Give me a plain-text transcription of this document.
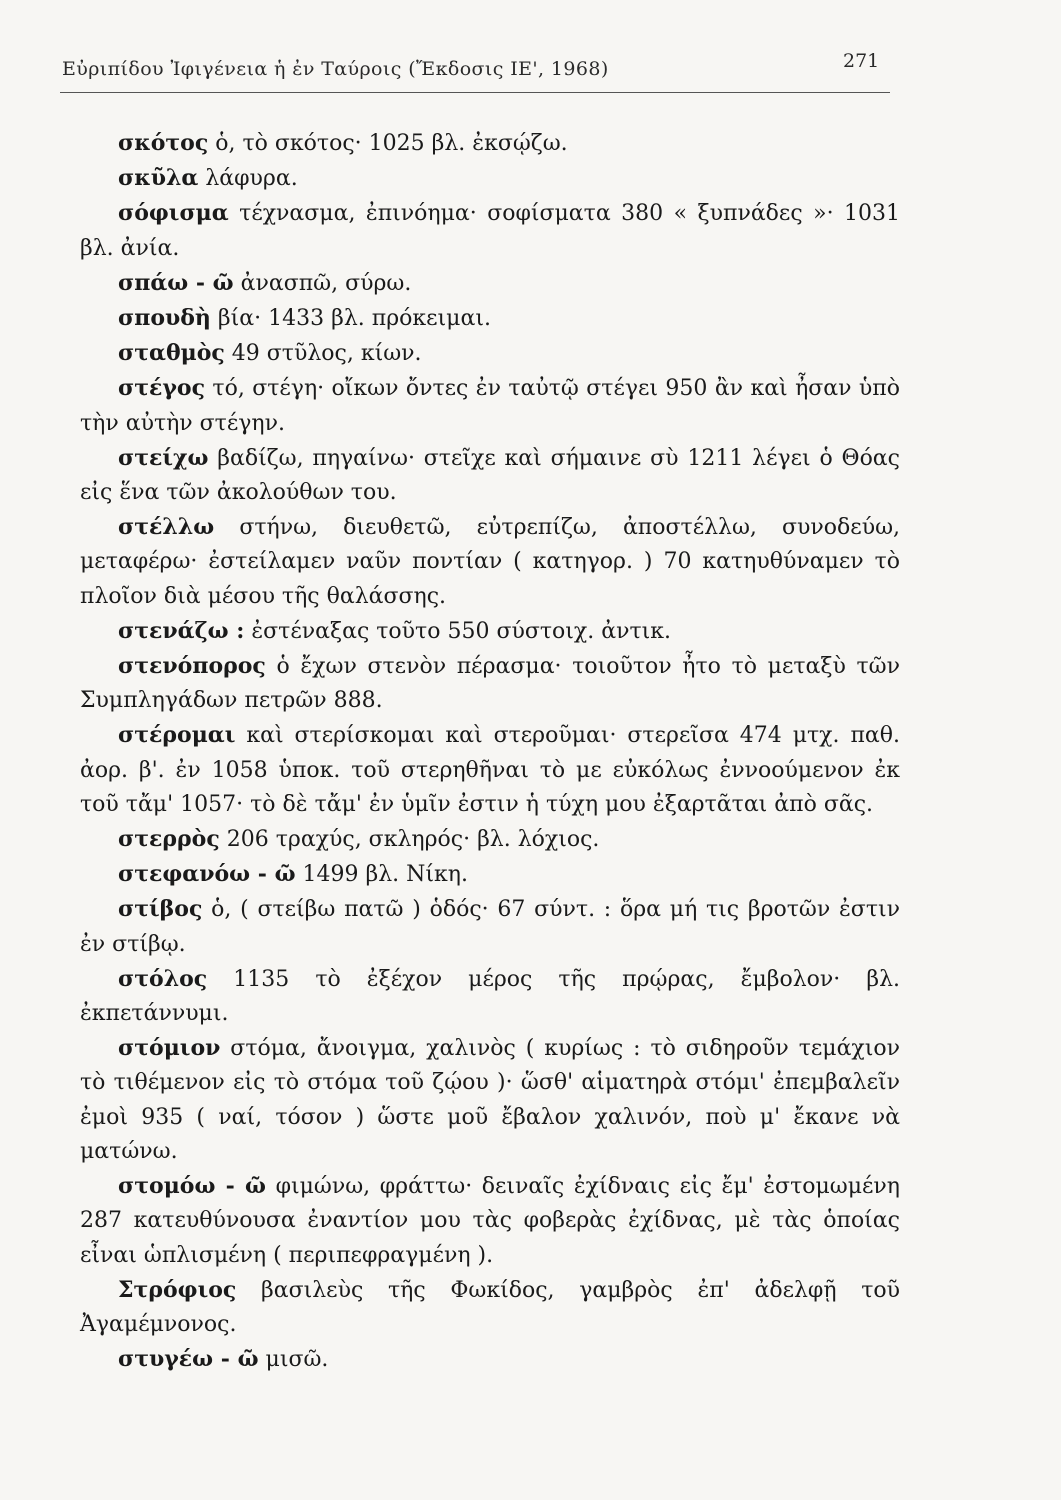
Εὐριπίδου Ἰφιγένεια ἡ ἐν Ταύροις (Ἔκδοσις ΙΕ', 1968)	271

σκότος ὁ, τὸ σκότος· 1025 βλ. ἐκσῴζω.

σκῦλα λάφυρα.

σόφισμα τέχνασμα, ἐπινόημα· σοφίσματα 380 « ξυπνάδες »· 1031 βλ. ἀνία.

σπάω - ῶ ἀνασπῶ, σύρω.

σπουδὴ βία· 1433 βλ. πρόκειμαι.

σταθμὸς 49 στῦλος, κίων.

στέγος τό, στέγη· οἴκων ὄντες ἐν ταὐτῷ στέγει 950 ἂν καὶ ἦσαν ὑπὸ τὴν αὐτὴν στέγην.

στείχω βαδίζω, πηγαίνω· στεῖχε καὶ σήμαινε σὺ 1211 λέγει ὁ Θόας εἰς ἕνα τῶν ἀκολούθων του.

στέλλω στήνω, διευθετῶ, εὐτρεπίζω, ἀποστέλλω, συνοδεύω, μεταφέρω· ἐστείλαμεν ναῦν ποντίαν ( κατηγορ. ) 70 κατηυθύναμεν τὸ πλοῖον διὰ μέσου τῆς θαλάσσης.

στενάζω : ἐστέναξας τοῦτο 550 σύστοιχ. ἀντικ.

στενόπορος ὁ ἔχων στενὸν πέρασμα· τοιοῦτον ἦτο τὸ μεταξὺ τῶν Συμπληγάδων πετρῶν 888.

στέρομαι καὶ στερίσκομαι καὶ στεροῦμαι· στερεῖσα 474 μτχ. παθ. ἀορ. β'. ἐν 1058 ὑποκ. τοῦ στερηθῆναι τὸ με εὐκόλως ἐννοούμενον ἐκ τοῦ τἄμ' 1057· τὸ δὲ τἄμ' ἐν ὑμῖν ἐστιν ἡ τύχη μου ἐξαρτᾶται ἀπὸ σᾶς.

στερρὸς 206 τραχύς, σκληρός· βλ. λόχιος.

στεφανόω - ῶ 1499 βλ. Νίκη.

στίβος ὁ, ( στείβω πατῶ ) ὁδός· 67 σύντ. : ὅρα μή τις βροτῶν ἐστιν ἐν στίβῳ.

στόλος 1135 τὸ ἐξέχον μέρος τῆς πρῴρας, ἔμβολον· βλ. ἐκπετάννυμι.

στόμιον στόμα, ἄνοιγμα, χαλινὸς ( κυρίως : τὸ σιδηροῦν τεμάχιον τὸ τιθέμενον εἰς τὸ στόμα τοῦ ζῴου )· ὥσθ' αἱματηρὰ στόμι' ἐπεμβαλεῖν ἐμοὶ 935 ( ναί, τόσον ) ὥστε μοῦ ἔβαλον χαλινόν, ποὺ μ' ἔκανε νὰ ματώνω.

στομόω - ῶ φιμώνω, φράττω· δειναῖς ἐχίδναις εἰς ἔμ' ἐστομωμένη 287 κατευθύνουσα ἐναντίον μου τὰς φοβερὰς ἐχίδνας, μὲ τὰς ὁποίας εἶναι ὡπλισμένη ( περιπεφραγμένη ).

Στρόφιος βασιλεὺς τῆς Φωκίδος, γαμβρὸς ἐπ' ἀδελφῇ τοῦ Ἀγαμέμνονος.

στυγέω - ῶ μισῶ.
